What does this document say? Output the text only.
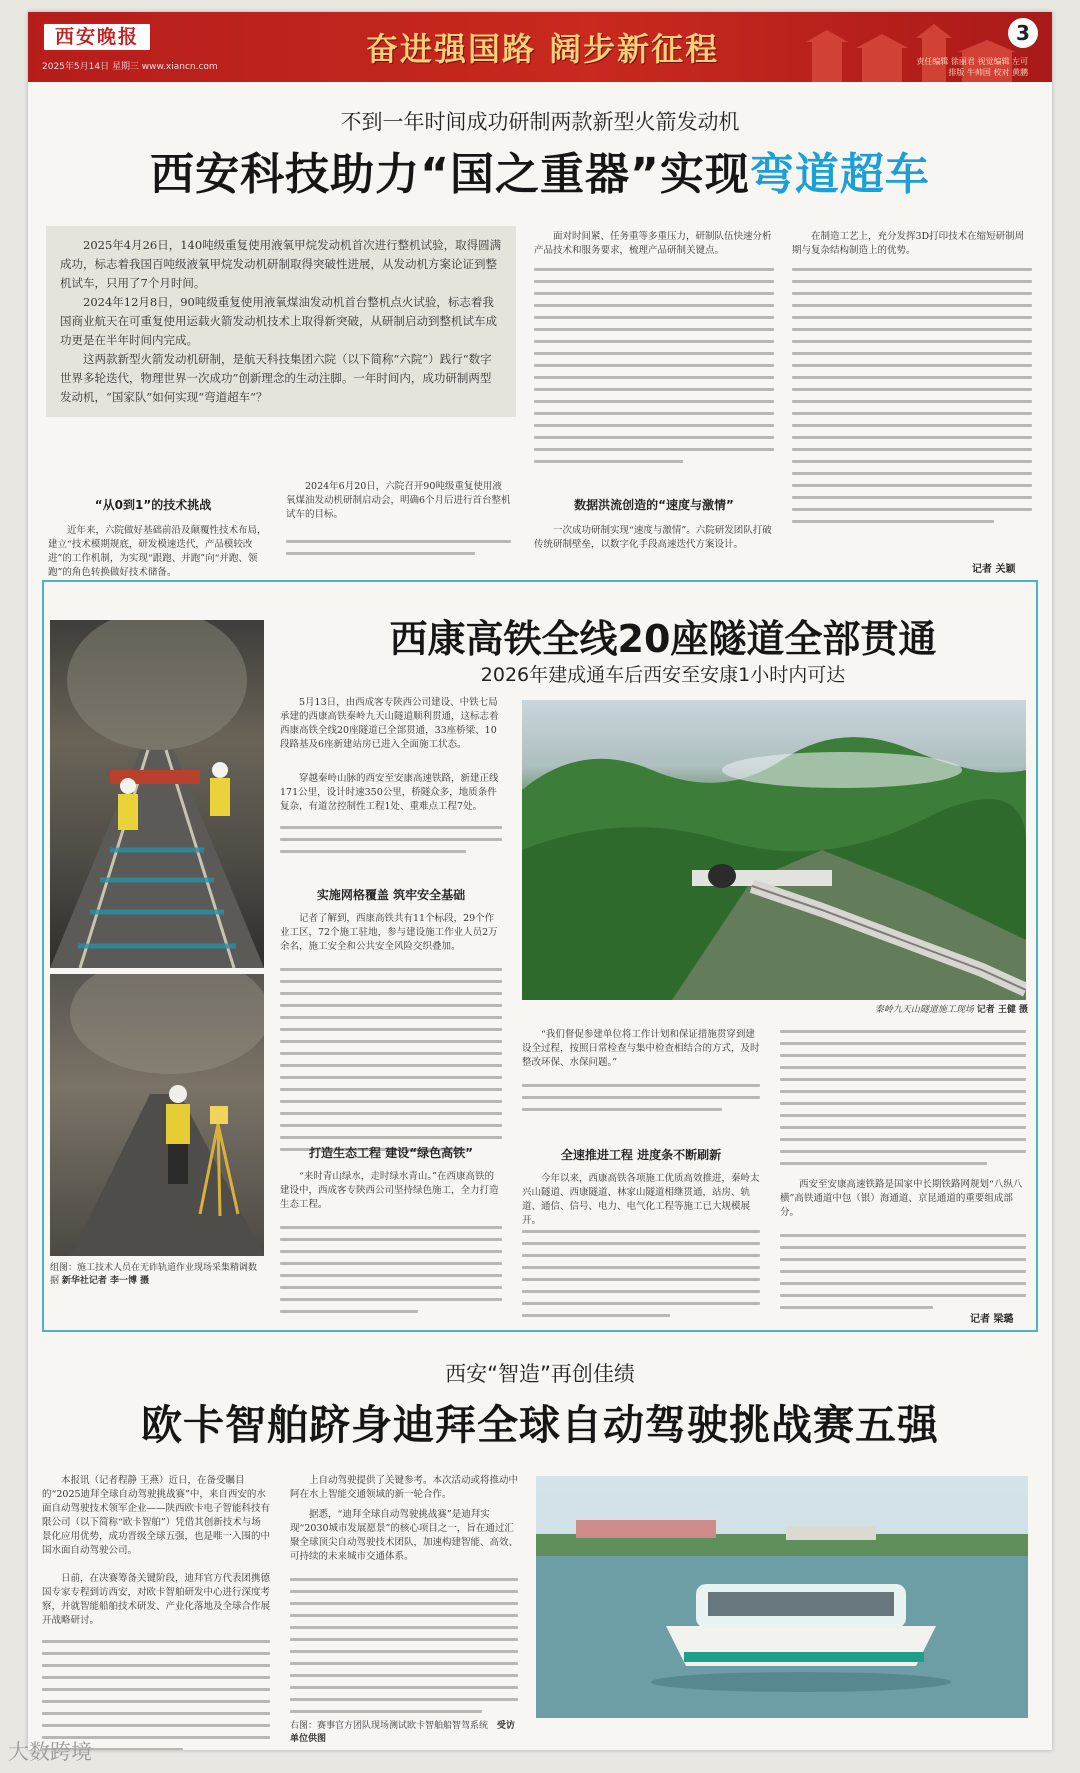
西安晚报
2025年5月14日 星期三 www.xiancn.com	奋进强国路 阔步新征程	责任编辑 徐丽君 视觉编辑 左可
排版 牛帅国 校对 黄鹏
3
不到一年时间成功研制两款新型火箭发动机
西安科技助力“国之重器”实现弯道超车

2025年4月26日，140吨级重复使用液氧甲烷发动机首次进行整机试验，取得圆满成功，标志着我国百吨级液氧甲烷发动机研制取得突破性进展，从发动机方案论证到整机试车，只用了7个月时间。

2024年12月8日，90吨级重复使用液氧煤油发动机首台整机点火试验，标志着我国商业航天在可重复使用运载火箭发动机技术上取得新突破，从研制启动到整机试车成功更是在半年时间内完成。

这两款新型火箭发动机研制，是航天科技集团六院（以下简称“六院”）践行“数字世界多轮迭代，物理世界一次成功”创新理念的生动注脚。一年时间内，成功研制两型发动机，“国家队”如何实现“弯道超车”？

“从0到1”的技术挑战
近年来，六院做好基础前沿及颠覆性技术布局，建立“技术模期规底，研发模速迭代，产品模较改进”的工作机制，为实现“跟跑、并跑”向“并跑、领跑”的角色转换做好技术储备。
2024年6月20日，六院召开90吨级重复使用液氧煤油发动机研制启动会，明确6个月后进行首台整机试车的目标。
面对时间紧、任务重等多重压力，研制队伍快速分析产品技术和服务要求，梳理产品研制关键点。
数据洪流创造的“速度与激情”
一次成功研制实现“速度与激情”。六院研发团队打破传统研制壁垒，以数字化手段高速迭代方案设计。
在制造工艺上，充分发挥3D打印技术在缩短研制周期与复杂结构制造上的优势。
记者 关颖
组图：施工技术人员在无砟轨道作业现场采集精调数据 新华社记者 李一博 摄
西康高铁全线20座隧道全部贯通
2026年建成通车后西安至安康1小时内可达
5月13日，由西成客专陕西公司建设、中铁七局承建的西康高铁秦岭九天山隧道顺利贯通，这标志着西康高铁全线20座隧道已全部贯通，33座桥梁、10段路基及6座新建站房已进入全面施工状态。
穿越秦岭山脉的西安至安康高速铁路，新建正线171公里，设计时速350公里，桥隧众多，地质条件复杂，有道岔控制性工程1处、重难点工程7处。
实施网格覆盖 筑牢安全基础
记者了解到，西康高铁共有11个标段，29个作业工区，72个施工驻地，参与建设施工作业人员2万余名，施工安全和公共安全风险交织叠加。
打造生态工程 建设“绿色高铁”
“来时青山绿水，走时绿水青山。”在西康高铁的建设中，西成客专陕西公司坚持绿色施工，全力打造生态工程。
秦岭九天山隧道施工现场 记者 王健 摄
“我们督促参建单位将工作计划和保证措施贯穿到建设全过程，按照日常检查与集中检查相结合的方式，及时整改环保、水保问题。”
全速推进工程 进度条不断刷新
今年以来，西康高铁各项施工优质高效推进，秦岭太兴山隧道、西康隧道、林家山隧道相继贯通，站房、轨道、通信、信号、电力、电气化工程等施工已大规模展开。
西安至安康高速铁路是国家中长期铁路网规划“八纵八横”高铁通道中包（银）海通道、京昆通道的重要组成部分。
记者 梁璐
西安“智造”再创佳绩
欧卡智舶跻身迪拜全球自动驾驶挑战赛五强
本报讯（记者程静 王燕）近日，在备受瞩目的“2025迪拜全球自动驾驶挑战赛”中，来自西安的水面自动驾驶技术领军企业——陕西欧卡电子智能科技有限公司（以下简称“欧卡智舶”）凭借其创新技术与场景化应用优势，成功晋级全球五强，也是唯一入围的中国水面自动驾驶公司。
日前，在决赛筹备关键阶段，迪拜官方代表团携德国专家专程到访西安，对欧卡智舶研发中心进行深度考察，并就智能船舶技术研发、产业化落地及全球合作展开战略研讨。
上自动驾驶提供了关键参考。本次活动或将推动中阿在水上智能交通领域的新一轮合作。
据悉，“迪拜全球自动驾驶挑战赛”是迪拜实现“2030城市发展愿景”的核心项目之一，旨在通过汇聚全球顶尖自动驾驶技术团队，加速构建智能、高效、可持续的未来城市交通体系。
右图：赛事官方团队现场测试欧卡智舶船智驾系统 受访单位供图
大数跨境
